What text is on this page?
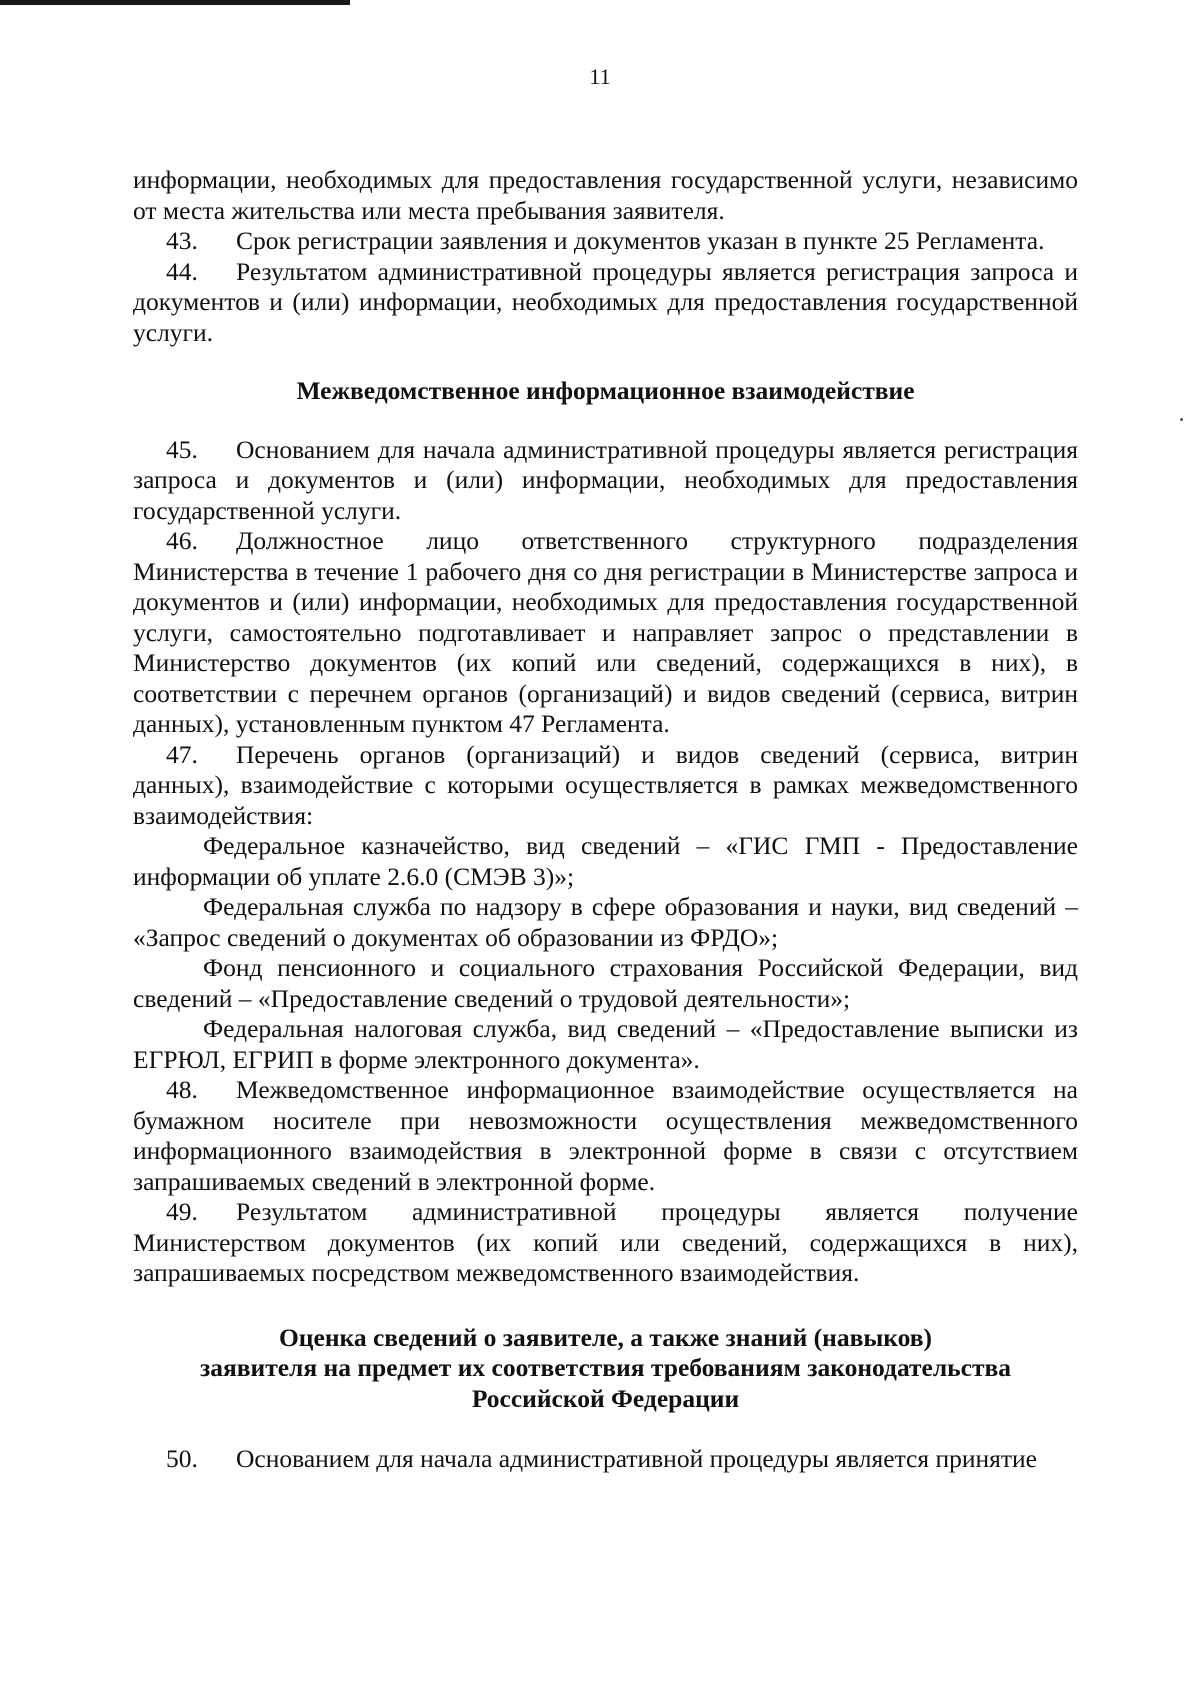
11

информации, необходимых для предоставления государственной услуги, независимо от места жительства или места пребывания заявителя.

43. Срок регистрации заявления и документов указан в пункте 25 Регламента.

44. Результатом административной процедуры является регистрация запроса и документов и (или) информации, необходимых для предоставления государственной услуги.

Межведомственное информационное взаимодействие

45. Основанием для начала административной процедуры является регистрация запроса и документов и (или) информации, необходимых для предоставления государственной услуги.

46. Должностное лицо ответственного структурного подразделения Министерства в течение 1 рабочего дня со дня регистрации в Министерстве запроса и документов и (или) информации, необходимых для предоставления государственной услуги, самостоятельно подготавливает и направляет запрос о представлении в Министерство документов (их копий или сведений, содержащихся в них), в соответствии с перечнем органов (организаций) и видов сведений (сервиса, витрин данных), установленным пунктом 47 Регламента.

47. Перечень органов (организаций) и видов сведений (сервиса, витрин данных), взаимодействие с которыми осуществляется в рамках межведомственного взаимодействия:

Федеральное казначейство, вид сведений – «ГИС ГМП - Предоставление информации об уплате 2.6.0 (СМЭВ 3)»;

Федеральная служба по надзору в сфере образования и науки, вид сведений – «Запрос сведений о документах об образовании из ФРДО»;

Фонд пенсионного и социального страхования Российской Федерации, вид сведений – «Предоставление сведений о трудовой деятельности»;

Федеральная налоговая служба, вид сведений – «Предоставление выписки из ЕГРЮЛ, ЕГРИП в форме электронного документа».

48. Межведомственное информационное взаимодействие осуществляется на бумажном носителе при невозможности осуществления межведомственного информационного взаимодействия в электронной форме в связи с отсутствием запрашиваемых сведений в электронной форме.

49. Результатом административной процедуры является получение Министерством документов (их копий или сведений, содержащихся в них), запрашиваемых посредством межведомственного взаимодействия.

Оценка сведений о заявителе, а также знаний (навыков)
заявителя на предмет их соответствия требованиям законодательства
Российской Федерации

50. Основанием для начала административной процедуры является принятие
